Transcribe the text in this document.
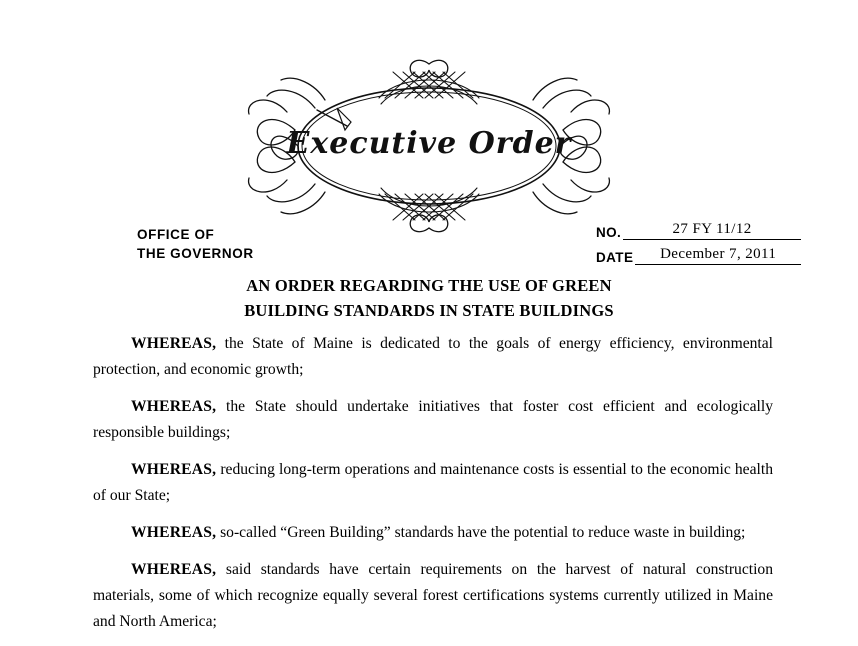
Executive Order
OFFICE OF
THE GOVERNOR
NO.	27 FY 11/12
DATE	December 7, 2011
AN ORDER REGARDING THE USE OF GREEN
BUILDING STANDARDS IN STATE BUILDINGS

WHEREAS, the State of Maine is dedicated to the goals of energy efficiency, environmental protection, and economic growth;

WHEREAS, the State should undertake initiatives that foster cost efficient and ecologically responsible buildings;

WHEREAS, reducing long-term operations and maintenance costs is essential to the economic health of our State;

WHEREAS, so-called “Green Building” standards have the potential to reduce waste in building;

WHEREAS, said standards have certain requirements on the harvest of natural construction materials, some of which recognize equally several forest certifications systems currently utilized in Maine and North America;
